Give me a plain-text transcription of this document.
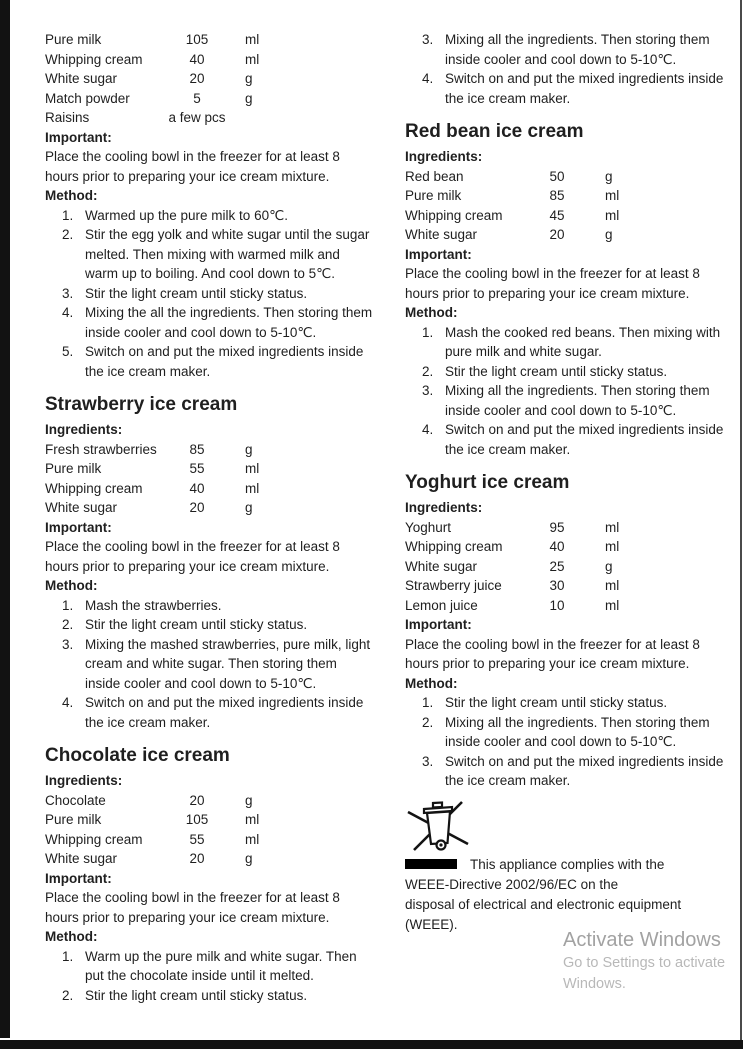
Pure milk	105	ml
Whipping cream	40	ml
White sugar	20	g
Match powder	5	g
Raisins	a few pcs

Important:

Place the cooling bowl in the freezer for at least 8 hours prior to preparing your ice cream mixture.

Method:

1. Warmed up the pure milk to 60℃.
2. Stir the egg yolk and white sugar until the sugar melted. Then mixing with warmed milk and warm up to boiling. And cool down to 5℃.
3. Stir the light cream until sticky status.
4. Mixing the all the ingredients. Then storing them inside cooler and cool down to 5-10℃.
5. Switch on and put the mixed ingredients inside the ice cream maker.
Strawberry ice cream

Ingredients:

Fresh strawberries	85	g
Pure milk	55	ml
Whipping cream	40	ml
White sugar	20	g

Important:

Place the cooling bowl in the freezer for at least 8 hours prior to preparing your ice cream mixture.

Method:

1. Mash the strawberries.
2. Stir the light cream until sticky status.
3. Mixing the mashed strawberries, pure milk, light cream and white sugar. Then storing them inside cooler and cool down to 5-10℃.
4. Switch on and put the mixed ingredients inside the ice cream maker.
Chocolate ice cream

Ingredients:

Chocolate	20	g
Pure milk	105	ml
Whipping cream	55	ml
White sugar	20	g

Important:

Place the cooling bowl in the freezer for at least 8 hours prior to preparing your ice cream mixture.

Method:

1. Warm up the pure milk and white sugar. Then put the chocolate inside until it melted.
2. Stir the light cream until sticky status.
3. Mixing all the ingredients. Then storing them inside cooler and cool down to 5-10℃.
4. Switch on and put the mixed ingredients inside the ice cream maker.
Red bean ice cream

Ingredients:

Red bean	50	g
Pure milk	85	ml
Whipping cream	45	ml
White sugar	20	g

Important:

Place the cooling bowl in the freezer for at least 8 hours prior to preparing your ice cream mixture.

Method:

1. Mash the cooked red beans. Then mixing with pure milk and white sugar.
2. Stir the light cream until sticky status.
3. Mixing all the ingredients. Then storing them inside cooler and cool down to 5-10℃.
4. Switch on and put the mixed ingredients inside the ice cream maker.
Yoghurt ice cream

Ingredients:

Yoghurt	95	ml
Whipping cream	40	ml
White sugar	25	g
Strawberry juice	30	ml
Lemon juice	10	ml

Important:

Place the cooling bowl in the freezer for at least 8 hours prior to preparing your ice cream mixture.

Method:

1. Stir the light cream until sticky status.
2. Mixing all the ingredients. Then storing them inside cooler and cool down to 5-10℃.
3. Switch on and put the mixed ingredients inside the ice cream maker.

This appliance complies with the
WEEE-Directive 2002/96/EC on the
disposal of electrical and electronic equipment
(WEEE).

Activate Windows
Go to Settings to activate
Windows.
